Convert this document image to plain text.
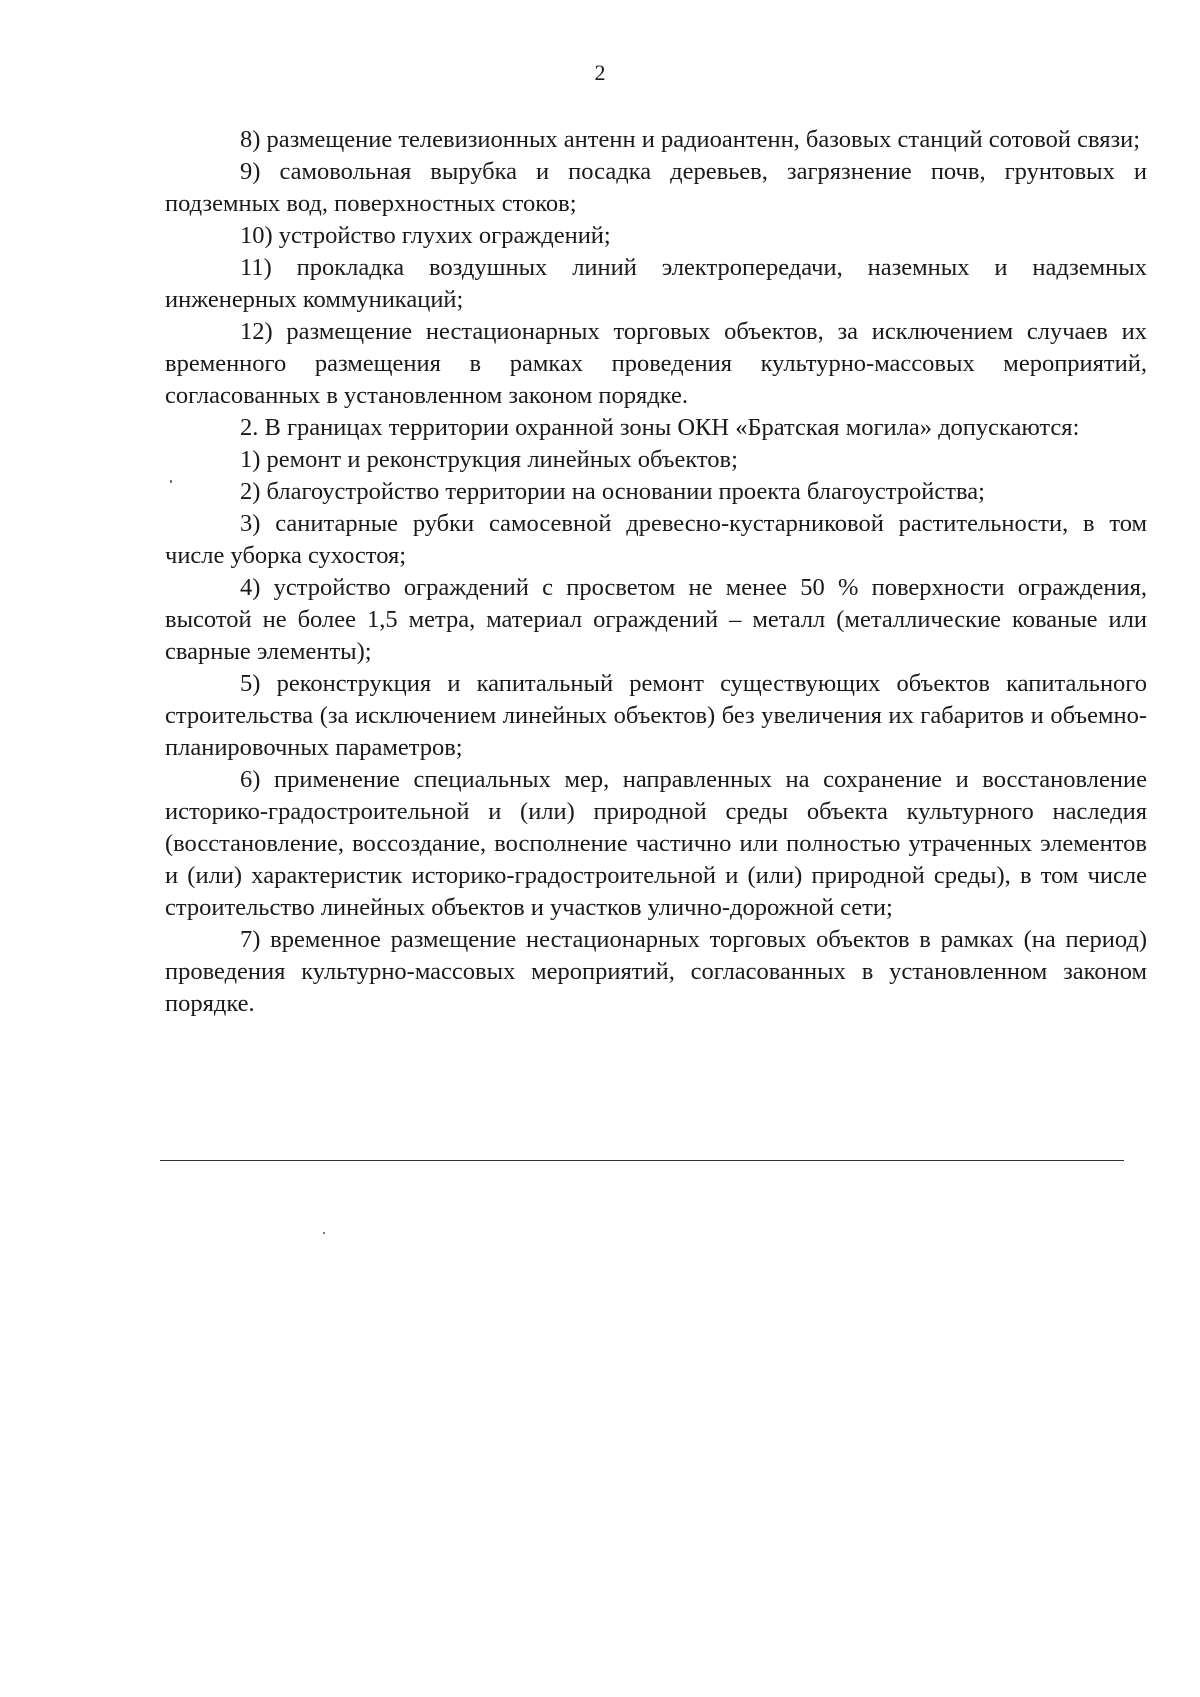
2

8) размещение телевизионных антенн и радиоантенн, базовых станций сотовой связи;

9) самовольная вырубка и посадка деревьев, загрязнение почв, грунтовых и подземных вод, поверхностных стоков;

10) устройство глухих ограждений;

11) прокладка воздушных линий электропередачи, наземных и надземных инженерных коммуникаций;

12) размещение нестационарных торговых объектов, за исключением случаев их временного размещения в рамках проведения культурно-массовых мероприятий, согласованных в установленном законом порядке.

2. В границах территории охранной зоны ОКН «Братская могила» допускаются:

1) ремонт и реконструкция линейных объектов;

2) благоустройство территории на основании проекта благоустройства;

3) санитарные рубки самосевной древесно-кустарниковой растительности, в том числе уборка сухостоя;

4) устройство ограждений с просветом не менее 50 % поверхности ограждения, высотой не более 1,5 метра, материал ограждений – металл (металлические кованые или сварные элементы);

5) реконструкция и капитальный ремонт существующих объектов капитального строительства (за исключением линейных объектов) без увеличения их габаритов и объемно-планировочных параметров;

6) применение специальных мер, направленных на сохранение и восстановление историко-градостроительной и (или) природной среды объекта культурного наследия (восстановление, воссоздание, восполнение частично или полностью утраченных элементов и (или) характеристик историко-градостроительной и (или) природной среды), в том числе строительство линейных объектов и участков улично-дорожной сети;

7) временное размещение нестационарных торговых объектов в рамках (на период) проведения культурно-массовых мероприятий, согласованных в установленном законом порядке.
